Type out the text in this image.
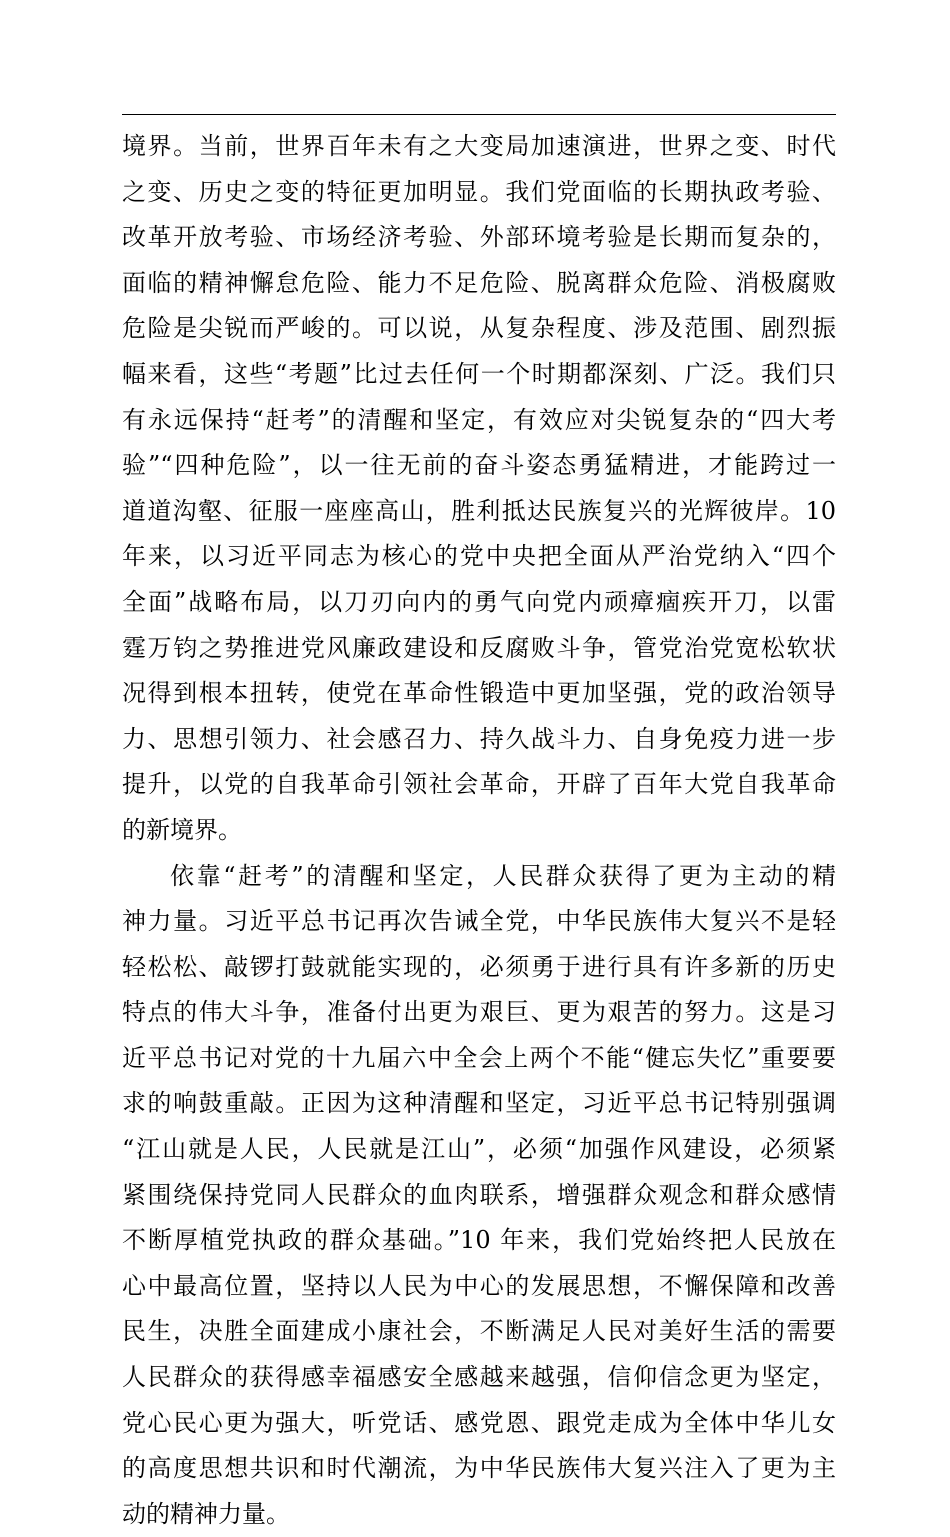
境界。当前，世界百年未有之大变局加速演进，世界之变、时代
之变、历史之变的特征更加明显。我们党面临的长期执政考验、
改革开放考验、市场经济考验、外部环境考验是长期而复杂的，
面临的精神懈怠危险、能力不足危险、脱离群众危险、消极腐败
危险是尖锐而严峻的。可以说，从复杂程度、涉及范围、剧烈振
幅来看，这些“考题”比过去任何一个时期都深刻、广泛。我们只
有永远保持“赶考”的清醒和坚定，有效应对尖锐复杂的“四大考
验”“四种危险”，以一往无前的奋斗姿态勇猛精进，才能跨过一
道道沟壑、征服一座座高山，胜利抵达民族复兴的光辉彼岸。10
年来，以习近平同志为核心的党中央把全面从严治党纳入“四个
全面”战略布局，以刀刃向内的勇气向党内顽瘴痼疾开刀，以雷
霆万钧之势推进党风廉政建设和反腐败斗争，管党治党宽松软状
况得到根本扭转，使党在革命性锻造中更加坚强，党的政治领导
力、思想引领力、社会感召力、持久战斗力、自身免疫力进一步
提升，以党的自我革命引领社会革命，开辟了百年大党自我革命
的新境界。
依靠“赶考”的清醒和坚定，人民群众获得了更为主动的精
神力量。习近平总书记再次告诫全党，中华民族伟大复兴不是轻
轻松松、敲锣打鼓就能实现的，必须勇于进行具有许多新的历史
特点的伟大斗争，准备付出更为艰巨、更为艰苦的努力。这是习
近平总书记对党的十九届六中全会上两个不能“健忘失忆”重要要
求的响鼓重敲。正因为这种清醒和坚定，习近平总书记特别强调
“江山就是人民，人民就是江山”，必须“加强作风建设，必须紧
紧围绕保持党同人民群众的血肉联系，增强群众观念和群众感情
不断厚植党执政的群众基础。”10 年来，我们党始终把人民放在
心中最高位置，坚持以人民为中心的发展思想，不懈保障和改善
民生，决胜全面建成小康社会，不断满足人民对美好生活的需要
人民群众的获得感幸福感安全感越来越强，信仰信念更为坚定，
党心民心更为强大，听党话、感党恩、跟党走成为全体中华儿女
的高度思想共识和时代潮流，为中华民族伟大复兴注入了更为主
动的精神力量。
